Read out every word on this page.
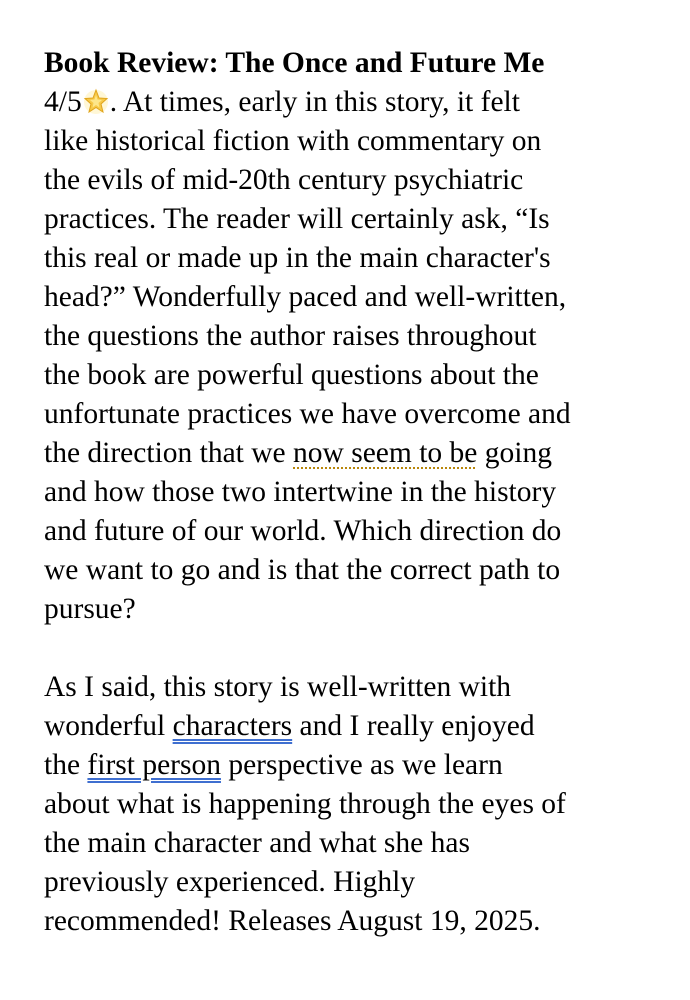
Book Review: The Once and Future Me
4/5 . At times, early in this story, it felt
like historical fiction with commentary on
the evils of mid-20th century psychiatric
practices. The reader will certainly ask, “Is
this real or made up in the main character's
head?” Wonderfully paced and well-written,
the questions the author raises throughout
the book are powerful questions about the
unfortunate practices we have overcome and
the direction that we now seem to be going
and how those two intertwine in the history
and future of our world. Which direction do
we want to go and is that the correct path to
pursue?

As I said, this story is well-written with
wonderful characters and I really enjoyed
the first person perspective as we learn
about what is happening through the eyes of
the main character and what she has
previously experienced. Highly
recommended! Releases August 19, 2025.
